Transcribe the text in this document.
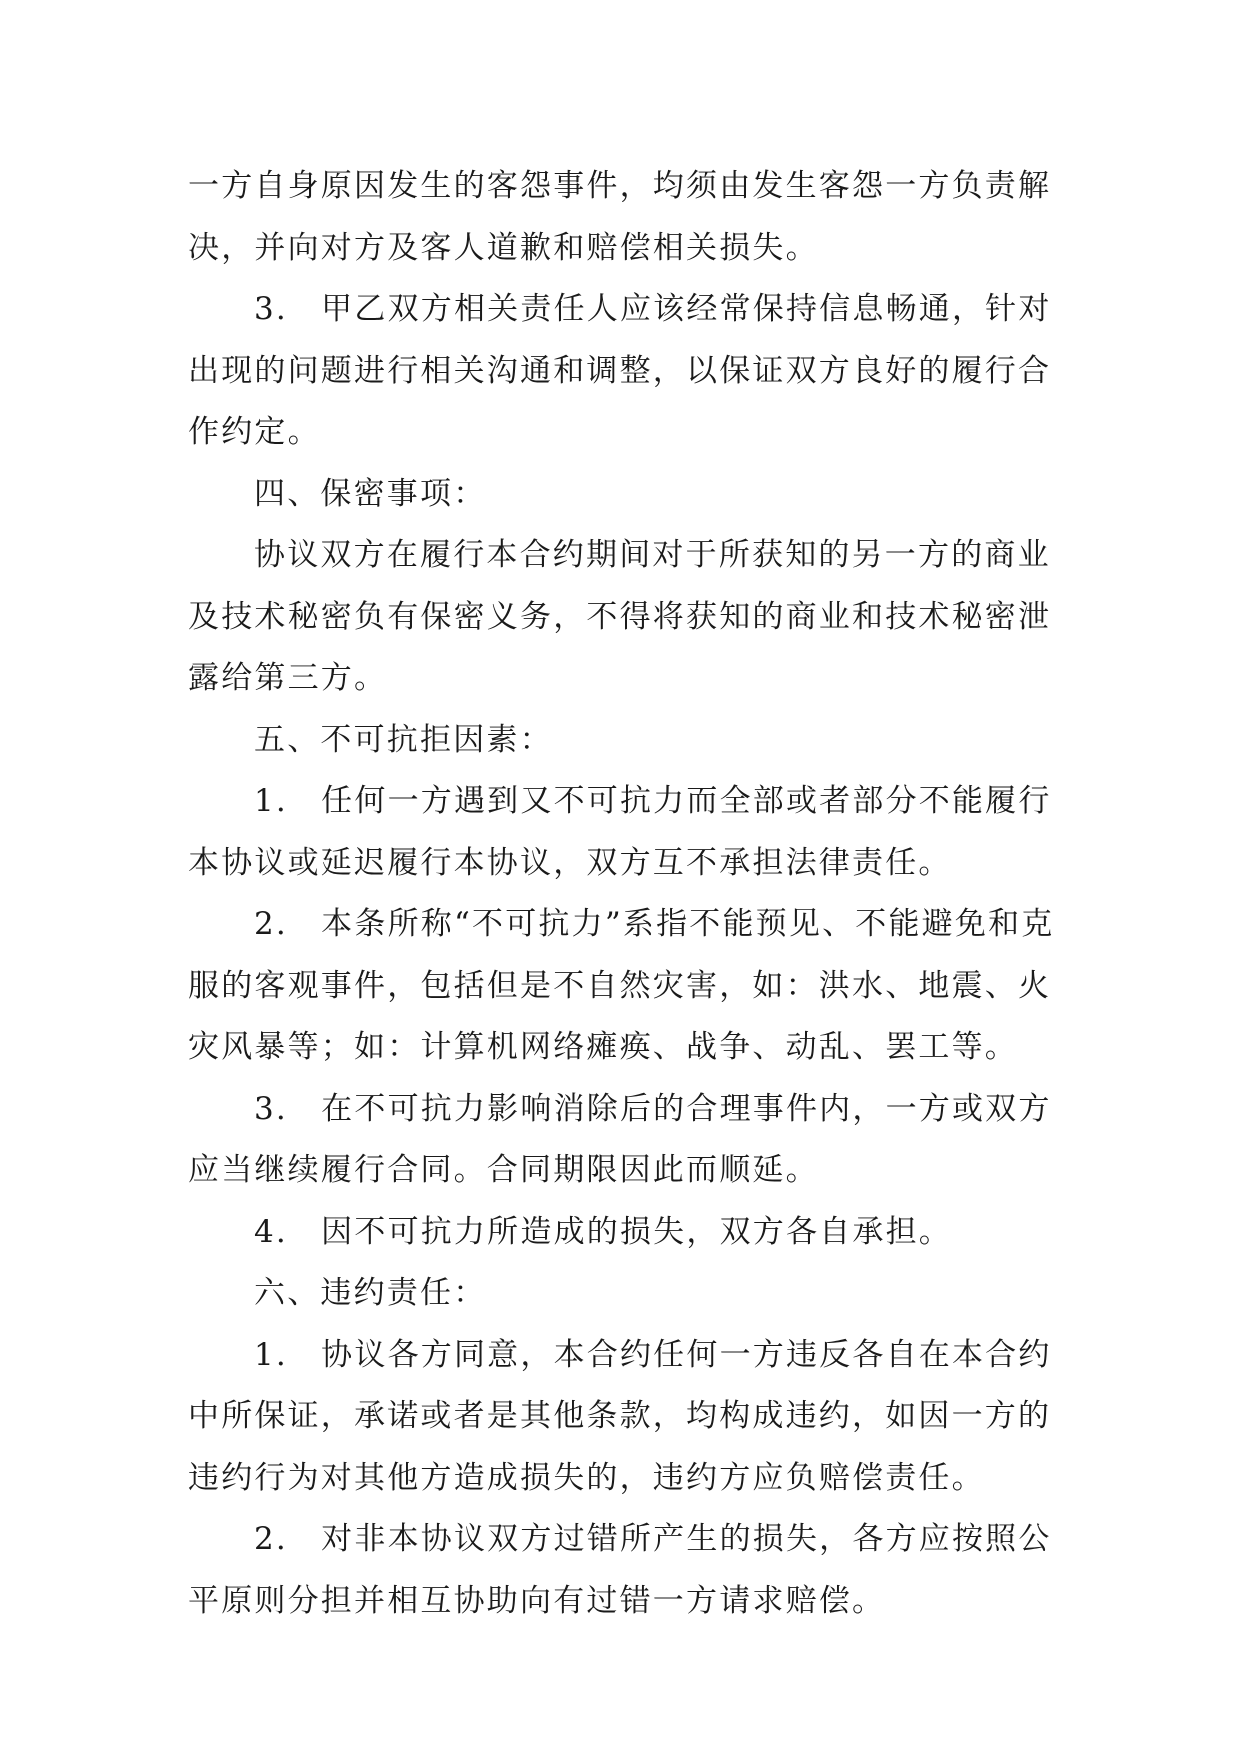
一方自身原因发生的客怨事件，均须由发生客怨一方负责解决，并向对方及客人道歉和赔偿相关损失。

3.　甲乙双方相关责任人应该经常保持信息畅通，针对出现的问题进行相关沟通和调整，以保证双方良好的履行合作约定。

四、保密事项：

协议双方在履行本合约期间对于所获知的另一方的商业及技术秘密负有保密义务，不得将获知的商业和技术秘密泄露给第三方。

五、不可抗拒因素：

1.　任何一方遇到又不可抗力而全部或者部分不能履行本协议或延迟履行本协议，双方互不承担法律责任。

2.　本条所称“不可抗力”系指不能预见、不能避免和克服的客观事件，包括但是不自然灾害，如：洪水、地震、火灾风暴等；如：计算机网络瘫痪、战争、动乱、罢工等。

3.　在不可抗力影响消除后的合理事件内，一方或双方应当继续履行合同。合同期限因此而顺延。

4.　因不可抗力所造成的损失，双方各自承担。

六、违约责任：

1.　协议各方同意，本合约任何一方违反各自在本合约中所保证，承诺或者是其他条款，均构成违约，如因一方的违约行为对其他方造成损失的，违约方应负赔偿责任。

2.　对非本协议双方过错所产生的损失，各方应按照公平原则分担并相互协助向有过错一方请求赔偿。
